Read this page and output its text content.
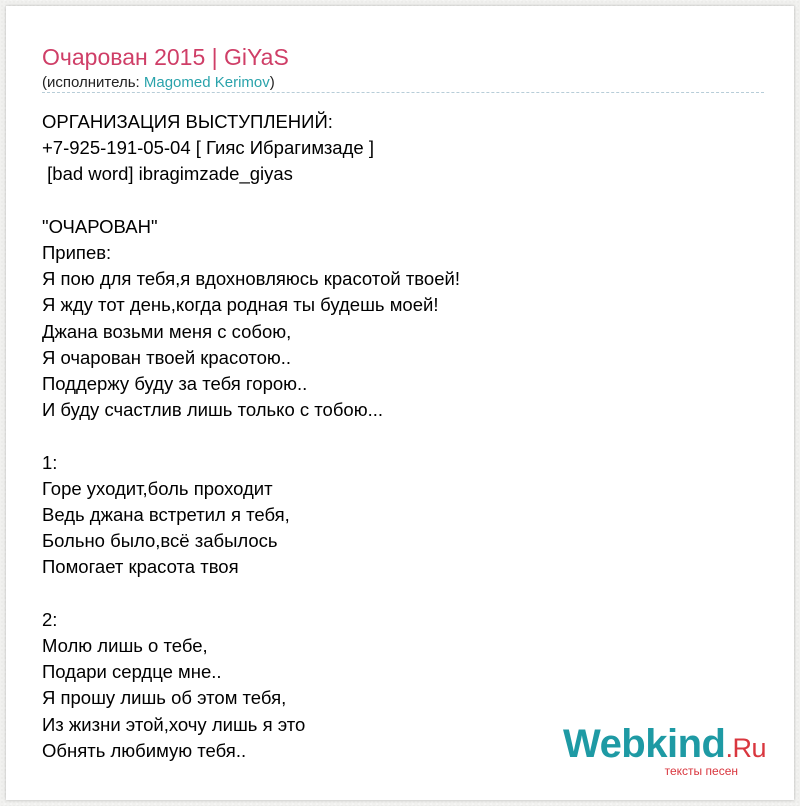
Очарован 2015 | GiYaS
(исполнитель: Magomed Kerimov)
ОРГАНИЗАЦИЯ ВЫСТУПЛЕНИЙ:
+7-925-191-05-04 [ Гияс Ибрагимзаде ]
[bad word] ibragimzade_giyas

"ОЧАРОВАН"
Припев:
Я пою для тебя,я вдохновляюсь красотой твоей!
Я жду тот день,когда родная ты будешь моей!
Джана возьми меня с собою,
Я очарован твоей красотою..
Поддержу буду за тебя горою..
И буду счастлив лишь только с тобою...

1:
Горе уходит,боль проходит
Ведь джана встретил я тебя,
Больно было,всё забылось
Помогает красота твоя

2:
Молю лишь о тебе,
Подари сердце мне..
Я прошу лишь об этом тебя,
Из жизни этой,хочу лишь я это
Обнять любимую тебя..	Webkind.Ru
тексты песен
